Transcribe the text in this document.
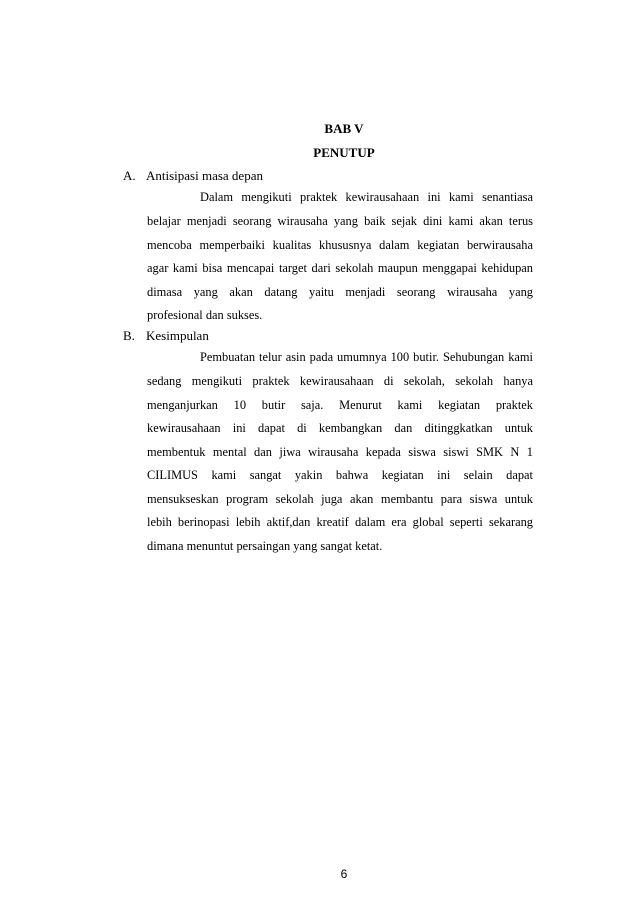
BAB V
PENUTUP
A. Antisipasi masa depan
Dalam mengikuti praktek kewirausahaan ini kami senantiasa
belajar menjadi seorang wirausaha yang baik sejak dini kami akan terus
mencoba memperbaiki kualitas khususnya dalam kegiatan berwirausaha
agar kami bisa mencapai target dari sekolah maupun menggapai kehidupan
dimasa yang akan datang yaitu menjadi seorang wirausaha yang
profesional dan sukses.
B. Kesimpulan
Pembuatan telur asin pada umumnya 100 butir. Sehubungan kami
sedang mengikuti praktek kewirausahaan di sekolah, sekolah hanya
menganjurkan 10 butir saja. Menurut kami kegiatan praktek
kewirausahaan ini dapat di kembangkan dan ditinggkatkan untuk
membentuk mental dan jiwa wirausaha kepada siswa siswi SMK N 1
CILIMUS kami sangat yakin bahwa kegiatan ini selain dapat
mensukseskan program sekolah juga akan membantu para siswa untuk
lebih berinopasi lebih aktif,dan kreatif dalam era global seperti sekarang
dimana menuntut persaingan yang sangat ketat.
6
